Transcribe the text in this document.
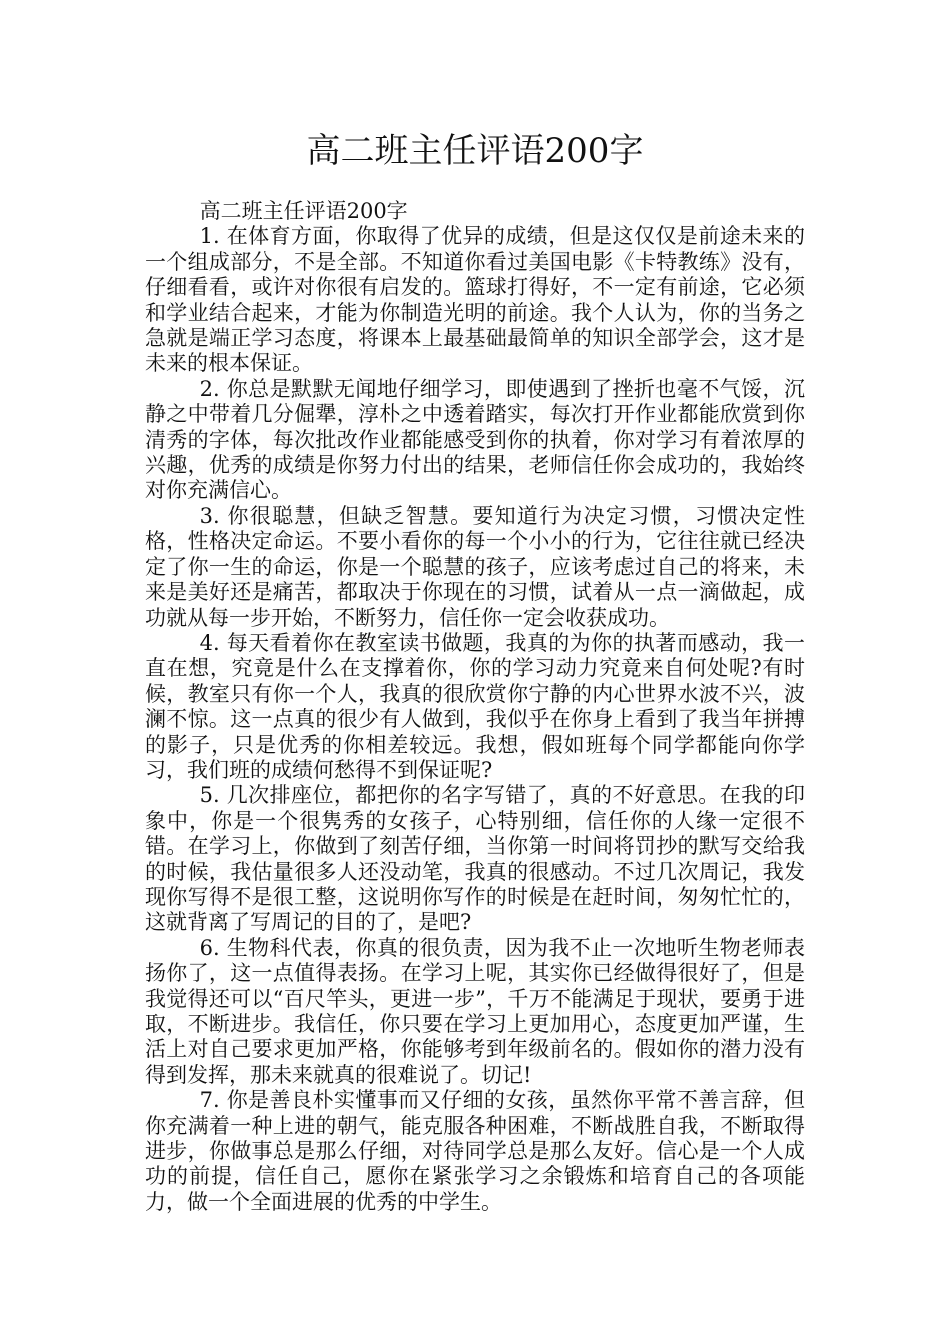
高二班主任评语200字

高二班主任评语200字

1. 在体育方面，你取得了优异的成绩，但是这仅仅是前途未来的一个组成部分，不是全部。不知道你看过美国电影《卡特教练》没有，仔细看看，或许对你很有启发的。篮球打得好，不一定有前途，它必须和学业结合起来，才能为你制造光明的前途。我个人认为，你的当务之急就是端正学习态度，将课本上最基础最简单的知识全部学会，这才是未来的根本保证。

2. 你总是默默无闻地仔细学习，即使遇到了挫折也毫不气馁，沉静之中带着几分倔犟，淳朴之中透着踏实，每次打开作业都能欣赏到你清秀的字体，每次批改作业都能感受到你的执着，你对学习有着浓厚的兴趣，优秀的成绩是你努力付出的结果，老师信任你会成功的，我始终对你充满信心。

3. 你很聪慧，但缺乏智慧。要知道行为决定习惯，习惯决定性格，性格决定命运。不要小看你的每一个小小的行为，它往往就已经决定了你一生的命运，你是一个聪慧的孩子，应该考虑过自己的将来，未来是美好还是痛苦，都取决于你现在的习惯，试着从一点一滴做起，成功就从每一步开始，不断努力，信任你一定会收获成功。

4. 每天看着你在教室读书做题，我真的为你的执著而感动，我一直在想，究竟是什么在支撑着你，你的学习动力究竟来自何处呢?有时候，教室只有你一个人，我真的很欣赏你宁静的内心世界水波不兴，波澜不惊。这一点真的很少有人做到，我似乎在你身上看到了我当年拼搏的影子，只是优秀的你相差较远。我想，假如班每个同学都能向你学习，我们班的成绩何愁得不到保证呢?

5. 几次排座位，都把你的名字写错了，真的不好意思。在我的印象中，你是一个很隽秀的女孩子，心特别细，信任你的人缘一定很不错。在学习上，你做到了刻苦仔细，当你第一时间将罚抄的默写交给我的时候，我估量很多人还没动笔，我真的很感动。不过几次周记，我发现你写得不是很工整，这说明你写作的时候是在赶时间，匆匆忙忙的，这就背离了写周记的目的了，是吧?

6. 生物科代表，你真的很负责，因为我不止一次地听生物老师表扬你了，这一点值得表扬。在学习上呢，其实你已经做得很好了，但是我觉得还可以“百尺竿头，更进一步”，千万不能满足于现状，要勇于进取，不断进步。我信任，你只要在学习上更加用心，态度更加严谨，生活上对自己要求更加严格，你能够考到年级前名的。假如你的潜力没有得到发挥，那未来就真的很难说了。切记!

7. 你是善良朴实懂事而又仔细的女孩，虽然你平常不善言辞，但你充满着一种上进的朝气，能克服各种困难，不断战胜自我，不断取得进步，你做事总是那么仔细，对待同学总是那么友好。信心是一个人成功的前提，信任自己，愿你在紧张学习之余锻炼和培育自己的各项能力，做一个全面进展的优秀的中学生。
